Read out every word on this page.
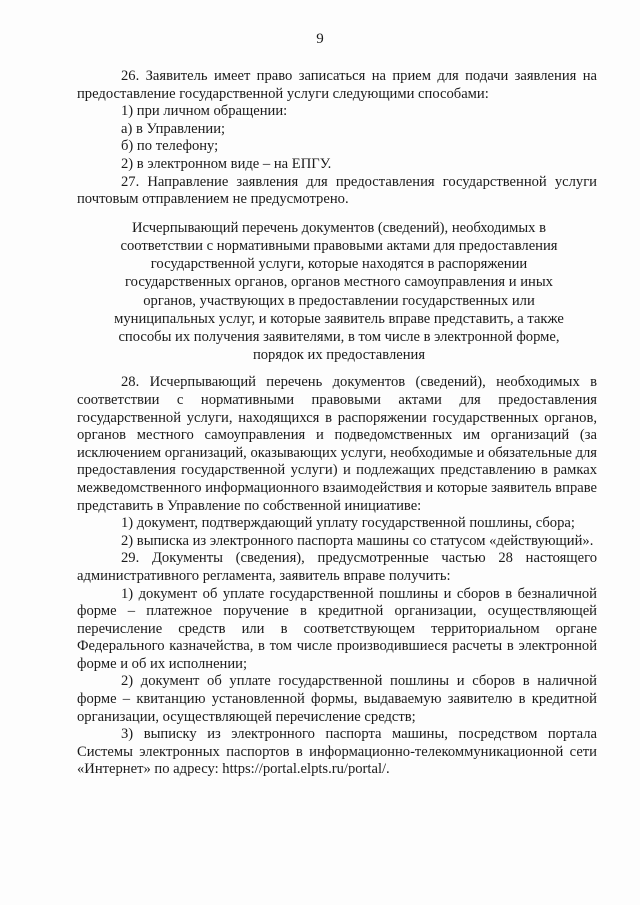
9

26. Заявитель имеет право записаться на прием для подачи заявления на предоставление государственной услуги следующими способами:

1) при личном обращении:

а) в Управлении;

б) по телефону;

2) в электронном виде – на ЕПГУ.

27. Направление заявления для предоставления государственной услуги почтовым отправлением не предусмотрено.

Исчерпывающий перечень документов (сведений), необходимых в соответствии с нормативными правовыми актами для предоставления государственной услуги, которые находятся в распоряжении государственных органов, органов местного самоуправления и иных органов, участвующих в предоставлении государственных или муниципальных услуг, и которые заявитель вправе представить, а также способы их получения заявителями, в том числе в электронной форме, порядок их предоставления

28. Исчерпывающий перечень документов (сведений), необходимых в соответствии с нормативными правовыми актами для предоставления государственной услуги, находящихся в распоряжении государственных органов, органов местного самоуправления и подведомственных им организаций (за исключением организаций, оказывающих услуги, необходимые и обязательные для предоставления государственной услуги) и подлежащих представлению в рамках межведомственного информационного взаимодействия и которые заявитель вправе представить в Управление по собственной инициативе:

1) документ, подтверждающий уплату государственной пошлины, сбора;

2) выписка из электронного паспорта машины со статусом «действующий».

29. Документы (сведения), предусмотренные частью 28 настоящего административного регламента, заявитель вправе получить:

1) документ об уплате государственной пошлины и сборов в безналичной форме – платежное поручение в кредитной организации, осуществляющей перечисление средств или в соответствующем территориальном органе Федерального казначейства, в том числе производившиеся расчеты в электронной форме и об их исполнении;

2) документ об уплате государственной пошлины и сборов в наличной форме – квитанцию установленной формы, выдаваемую заявителю в кредитной организации, осуществляющей перечисление средств;

3) выписку из электронного паспорта машины, посредством портала Системы электронных паспортов в информационно-телекоммуникационной сети «Интернет» по адресу: https://portal.elpts.ru/portal/.
